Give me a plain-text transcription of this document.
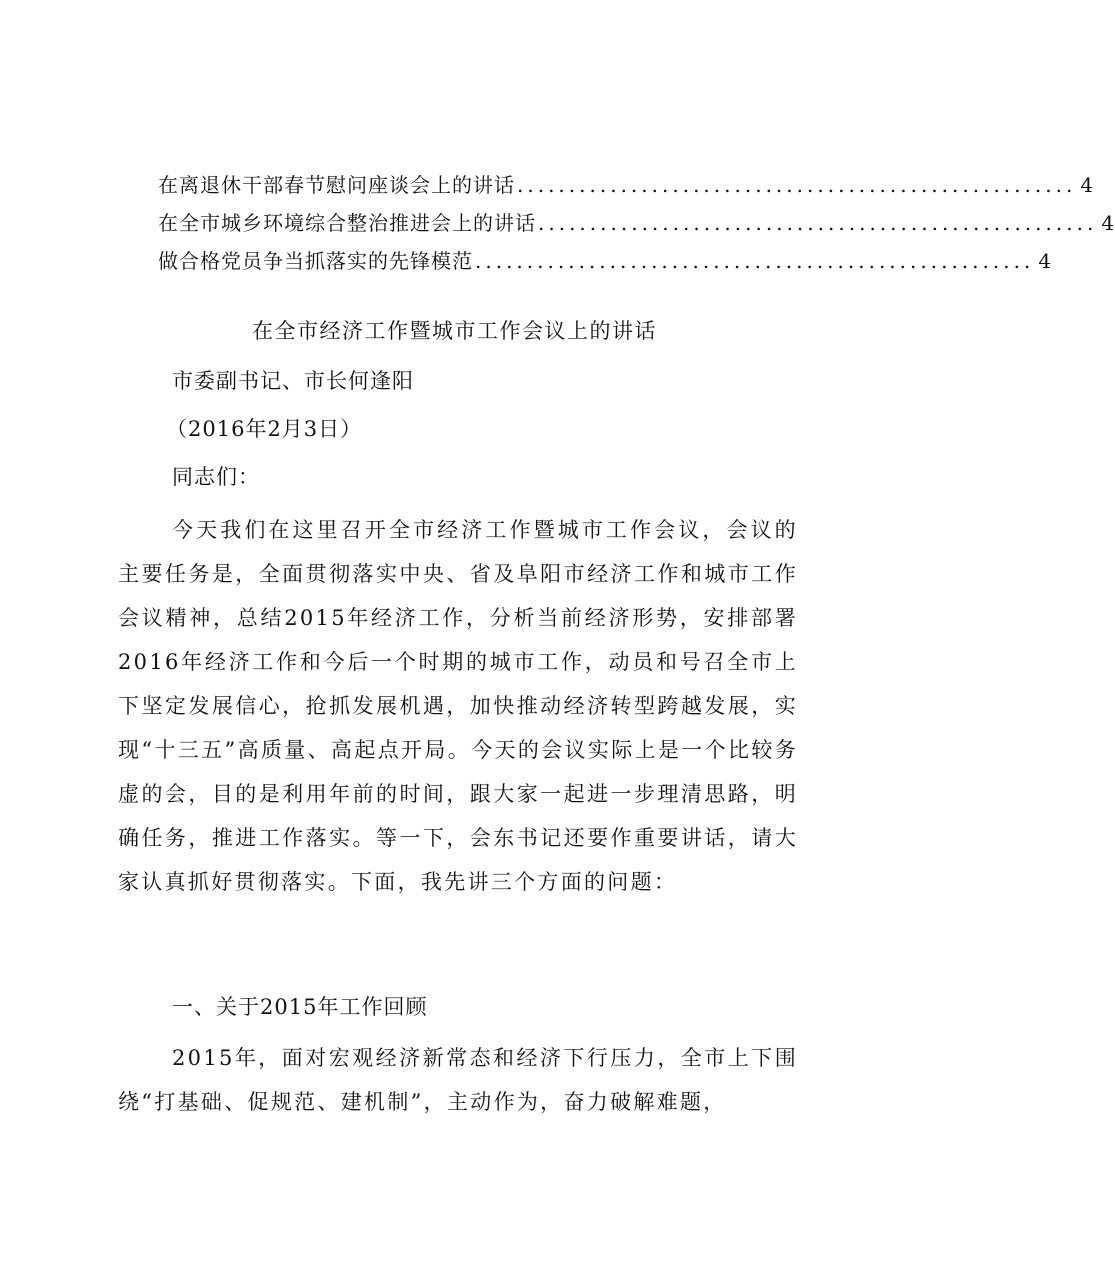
在离退休干部春节慰问座谈会上的讲话 ...................................................... 4
在全市城乡环境综合整治推进会上的讲话 ...................................................... 4
做合格党员争当抓落实的先锋模范 ...................................................... 4
在全市经济工作暨城市工作会议上的讲话
市委副书记、市长何逢阳
（2016年2月3日）
同志们：
今天我们在这里召开全市经济工作暨城市工作会议，会议的主要任务是，全面贯彻落实中央、省及阜阳市经济工作和城市工作会议精神，总结2015年经济工作，分析当前经济形势，安排部署2016年经济工作和今后一个时期的城市工作，动员和号召全市上下坚定发展信心，抢抓发展机遇，加快推动经济转型跨越发展，实现“十三五”高质量、高起点开局。今天的会议实际上是一个比较务虚的会，目的是利用年前的时间，跟大家一起进一步理清思路，明确任务，推进工作落实。等一下，会东书记还要作重要讲话，请大家认真抓好贯彻落实。下面，我先讲三个方面的问题：
一、关于2015年工作回顾
2015年，面对宏观经济新常态和经济下行压力，全市上下围绕“打基础、促规范、建机制”，主动作为，奋力破解难题，
